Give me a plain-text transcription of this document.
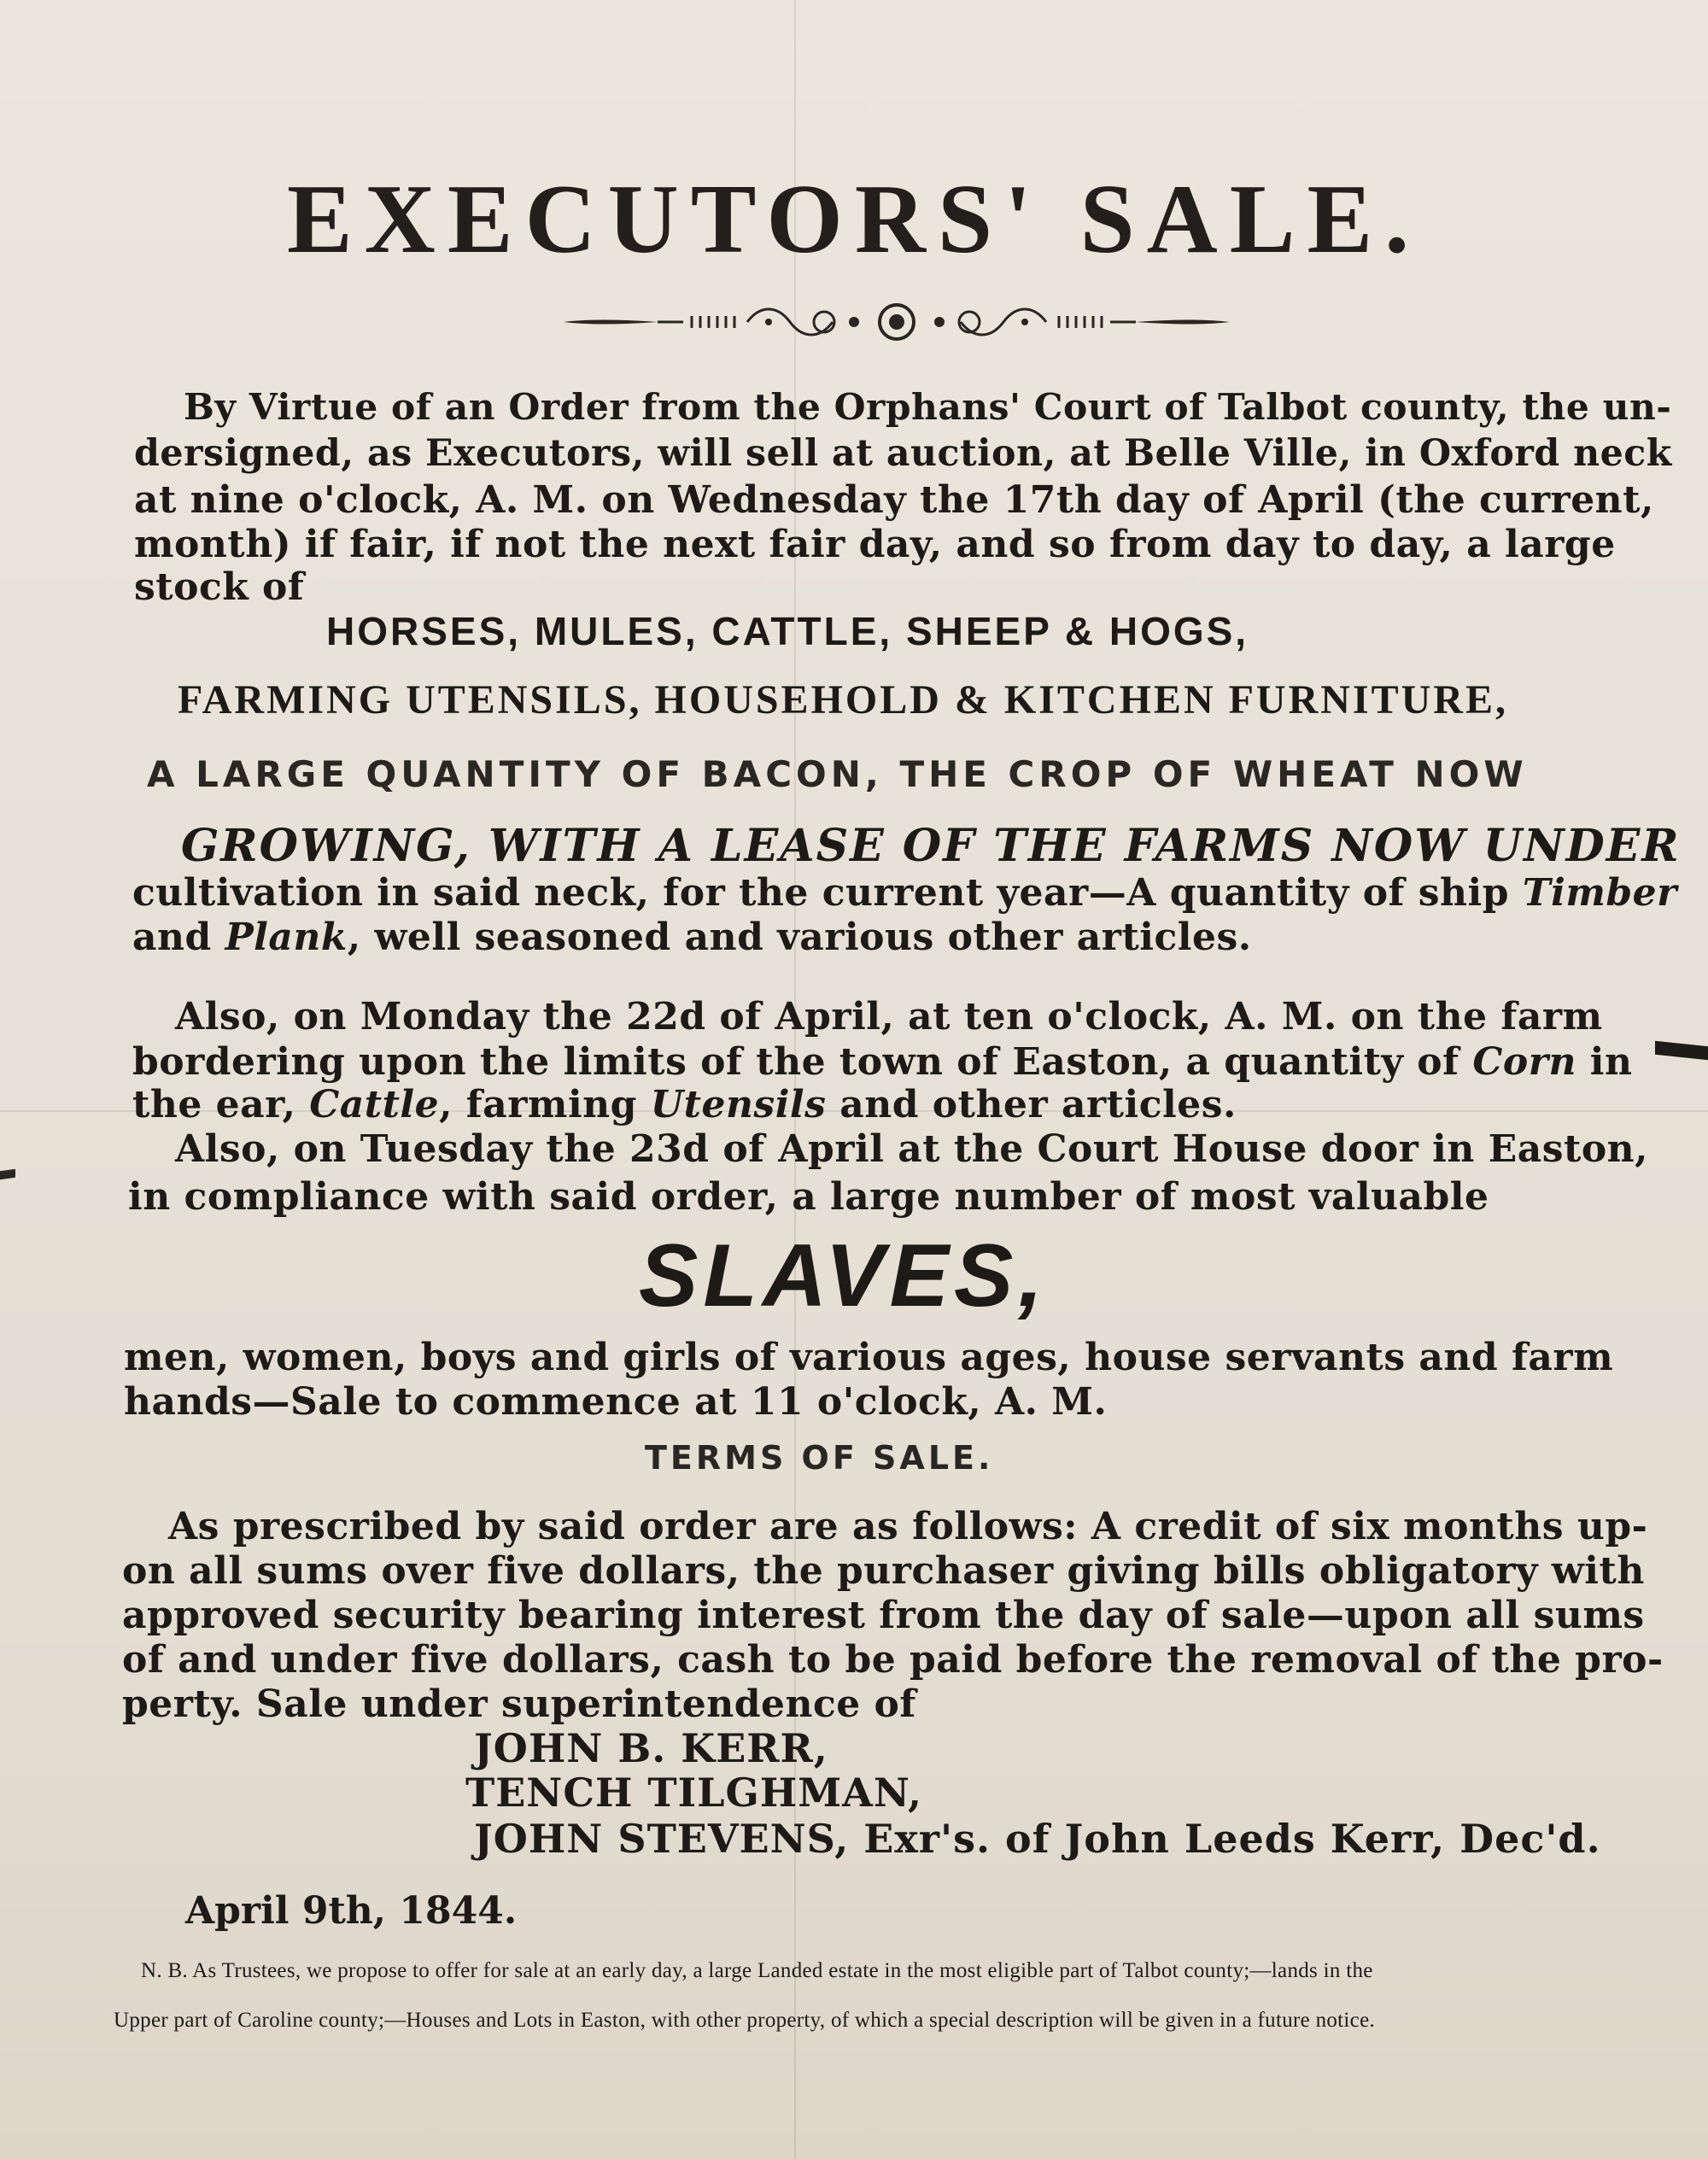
EXECUTORS' SALE.
By Virtue of an Order from the Orphans' Court of Talbot county, the un-
dersigned, as Executors, will sell at auction, at Belle Ville, in Oxford neck
at nine o'clock, A. M. on Wednesday the 17th day of April (the current,
month) if fair, if not the next fair day, and so from day to day, a large
stock of
HORSES, MULES, CATTLE, SHEEP & HOGS,
FARMING UTENSILS, HOUSEHOLD & KITCHEN FURNITURE,
A LARGE QUANTITY OF BACON, THE CROP OF WHEAT NOW
GROWING, WITH A LEASE OF THE FARMS NOW UNDER
cultivation in said neck, for the current year—A quantity of ship Timber
and Plank, well seasoned and various other articles.
Also, on Monday the 22d of April, at ten o'clock, A. M. on the farm
bordering upon the limits of the town of Easton, a quantity of Corn in
the ear, Cattle, farming Utensils and other articles.
Also, on Tuesday the 23d of April at the Court House door in Easton,
in compliance with said order, a large number of most valuable
SLAVES,
men, women, boys and girls of various ages, house servants and farm
hands—Sale to commence at 11 o'clock, A. M.
TERMS OF SALE.
As prescribed by said order are as follows: A credit of six months up-
on all sums over five dollars, the purchaser giving bills obligatory with
approved security bearing interest from the day of sale—upon all sums
of and under five dollars, cash to be paid before the removal of the pro-
perty. Sale under superintendence of
JOHN B. KERR,
TENCH TILGHMAN,
JOHN STEVENS, Exr's. of John Leeds Kerr, Dec'd.
April 9th, 1844.
N. B. As Trustees, we propose to offer for sale at an early day, a large Landed estate in the most eligible part of Talbot county;—lands in the
Upper part of Caroline county;—Houses and Lots in Easton, with other property, of which a special description will be given in a future notice.
